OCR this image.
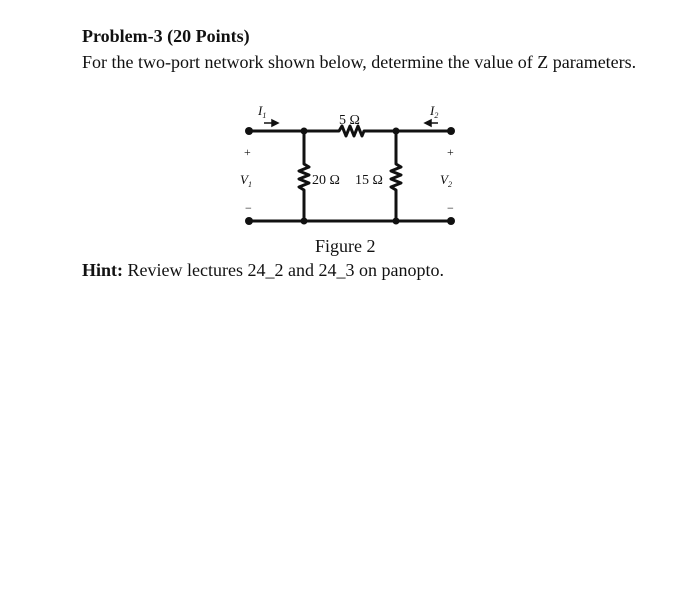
Problem-3 (20 Points)
For the two-port network shown below, determine the value of Z parameters.
$I_1$	$I_2$
5 Ω
20 Ω 15 Ω
$V_1$	$V_2$
+	+
−	−
Figure 2
Hint: Review lectures 24_2 and 24_3 on panopto.
